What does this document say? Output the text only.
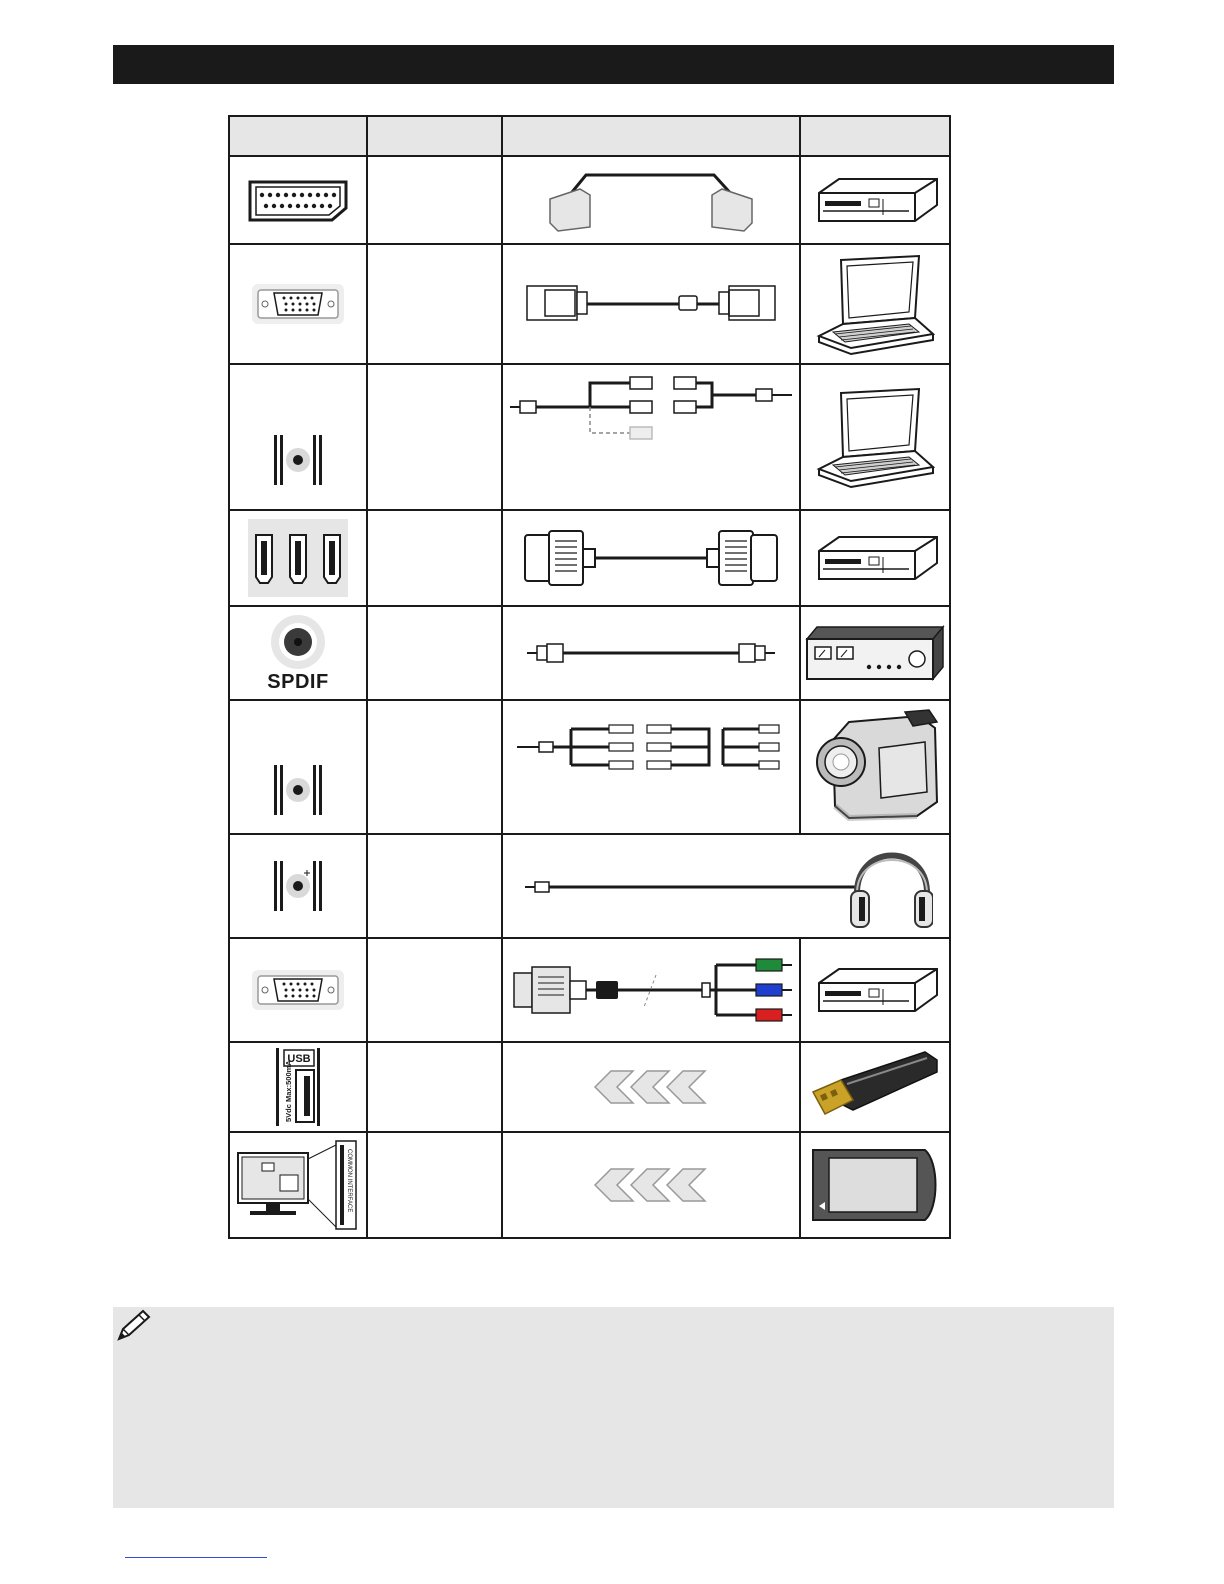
SPDIF

USB
5Vdc Max:500mA

COMMON INTERFACE
